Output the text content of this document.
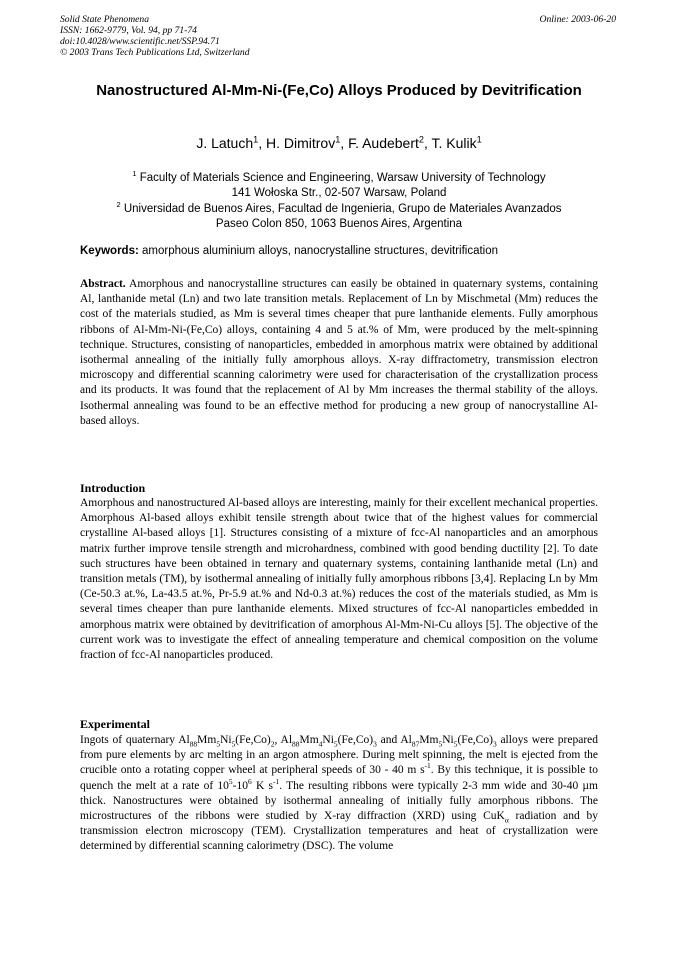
Solid State Phenomena
ISSN: 1662-9779, Vol. 94, pp 71-74
doi:10.4028/www.scientific.net/SSP.94.71
© 2003 Trans Tech Publications Ltd, Switzerland
Online: 2003-06-20
Nanostructured Al-Mm-Ni-(Fe,Co) Alloys Produced by Devitrification
J. Latuch$^1$, H. Dimitrov$^1$, F. Audebert$^2$, T. Kulik$^1$
$^1$ Faculty of Materials Science and Engineering, Warsaw University of Technology
141 Wołoska Str., 02-507 Warsaw, Poland
$^2$ Universidad de Buenos Aires, Facultad de Ingenieria, Grupo de Materiales Avanzados
Paseo Colon 850, 1063 Buenos Aires, Argentina
Keywords: amorphous aluminium alloys, nanocrystalline structures, devitrification
Abstract. Amorphous and nanocrystalline structures can easily be obtained in quaternary systems, containing Al, lanthanide metal (Ln) and two late transition metals. Replacement of Ln by Mischmetal (Mm) reduces the cost of the materials studied, as Mm is several times cheaper that pure lanthanide elements. Fully amorphous ribbons of Al-Mm-Ni-(Fe,Co) alloys, containing 4 and 5 at.% of Mm, were produced by the melt-spinning technique. Structures, consisting of nanoparticles, embedded in amorphous matrix were obtained by additional isothermal annealing of the initially fully amorphous alloys. X-ray diffractometry, transmission electron microscopy and differential scanning calorimetry were used for characterisation of the crystallization process and its products. It was found that the replacement of Al by Mm increases the thermal stability of the alloys. Isothermal annealing was found to be an effective method for producing a new group of nanocrystalline Al-based alloys.
Introduction
Amorphous and nanostructured Al-based alloys are interesting, mainly for their excellent mechanical properties. Amorphous Al-based alloys exhibit tensile strength about twice that of the highest values for commercial crystalline Al-based alloys [1]. Structures consisting of a mixture of fcc-Al nanoparticles and an amorphous matrix further improve tensile strength and microhardness, combined with good bending ductility [2]. To date such structures have been obtained in ternary and quaternary systems, containing lanthanide metal (Ln) and transition metals (TM), by isothermal annealing of initially fully amorphous ribbons [3,4]. Replacing Ln by Mm (Ce-50.3 at.%, La-43.5 at.%, Pr-5.9 at.% and Nd-0.3 at.%) reduces the cost of the materials studied, as Mm is several times cheaper than pure lanthanide elements. Mixed structures of fcc-Al nanoparticles embedded in amorphous matrix were obtained by devitrification of amorphous Al-Mm-Ni-Cu alloys [5]. The objective of the current work was to investigate the effect of annealing temperature and chemical composition on the volume fraction of fcc-Al nanoparticles produced.
Experimental
Ingots of quaternary $Al_{88}Mm_5Ni_5(Fe,Co)_2$, $Al_{88}Mm_4Ni_5(Fe,Co)_3$ and $Al_{87}Mm_5Ni_5(Fe,Co)_3$ alloys were prepared from pure elements by arc melting in an argon atmosphere. During melt spinning, the melt is ejected from the crucible onto a rotating copper wheel at peripheral speeds of 30 - 40 m $s^{-1}$. By this technique, it is possible to quench the melt at a rate of $10^5-10^6$ K $s^{-1}$. The resulting ribbons were typically 2-3 mm wide and 30-40 µm thick. Nanostructures were obtained by isothermal annealing of initially fully amorphous ribbons. The microstructures of the ribbons were studied by X-ray diffraction (XRD) using CuK$_\alpha$ radiation and by transmission electron microscopy (TEM). Crystallization temperatures and heat of crystallization were determined by differential scanning calorimetry (DSC). The volume
